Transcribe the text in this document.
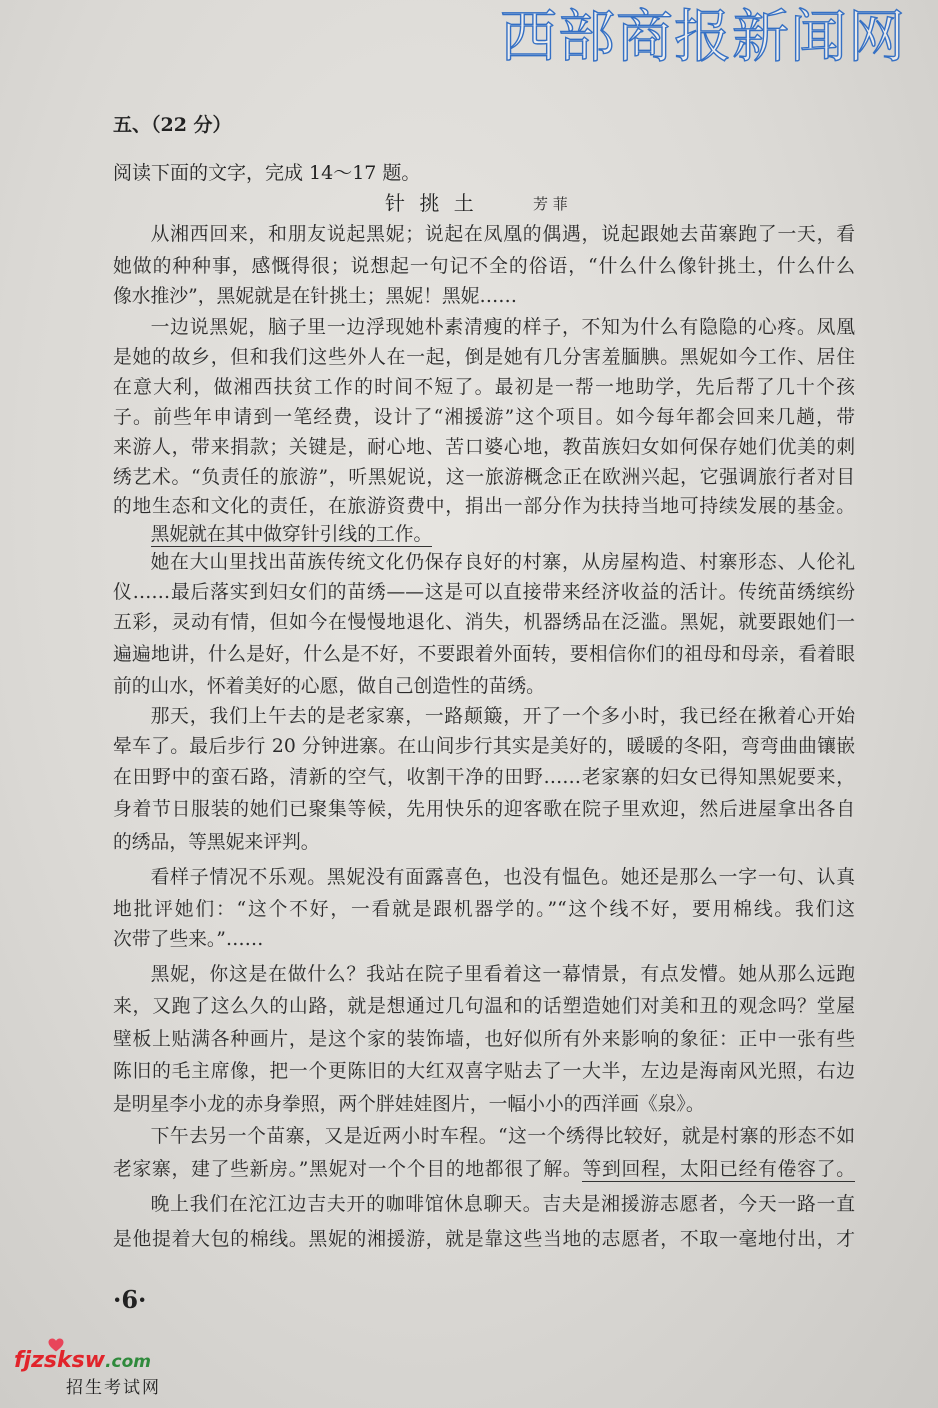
西部商报新闻网
五、（22 分）
阅读下面的文字，完成 14～17 题。
针 挑 土	芳 菲
从湘西回来，和朋友说起黑妮；说起在凤凰的偶遇，说起跟她去苗寨跑了一天，看
她做的种种事，感慨得很；说想起一句记不全的俗语，“什么什么像针挑土，什么什么
像水推沙”，黑妮就是在针挑土；黑妮！黑妮……
一边说黑妮，脑子里一边浮现她朴素清瘦的样子，不知为什么有隐隐的心疼。凤凰
是她的故乡，但和我们这些外人在一起，倒是她有几分害羞腼腆。黑妮如今工作、居住
在意大利，做湘西扶贫工作的时间不短了。最初是一帮一地助学，先后帮了几十个孩
子。前些年申请到一笔经费，设计了“湘援游”这个项目。如今每年都会回来几趟，带
来游人，带来捐款；关键是，耐心地、苦口婆心地，教苗族妇女如何保存她们优美的刺
绣艺术。“负责任的旅游”，听黑妮说，这一旅游概念正在欧洲兴起，它强调旅行者对目
的地生态和文化的责任，在旅游资费中，捐出一部分作为扶持当地可持续发展的基金。
黑妮就在其中做穿针引线的工作。
她在大山里找出苗族传统文化仍保存良好的村寨，从房屋构造、村寨形态、人伦礼
仪……最后落实到妇女们的苗绣——这是可以直接带来经济收益的活计。传统苗绣缤纷
五彩，灵动有情，但如今在慢慢地退化、消失，机器绣品在泛滥。黑妮，就要跟她们一
遍遍地讲，什么是好，什么是不好，不要跟着外面转，要相信你们的祖母和母亲，看着眼
前的山水，怀着美好的心愿，做自己创造性的苗绣。
那天，我们上午去的是老家寨，一路颠簸，开了一个多小时，我已经在揪着心开始
晕车了。最后步行 20 分钟进寨。在山间步行其实是美好的，暖暖的冬阳，弯弯曲曲镶嵌
在田野中的蛮石路，清新的空气，收割干净的田野……老家寨的妇女已得知黑妮要来，
身着节日服装的她们已聚集等候，先用快乐的迎客歌在院子里欢迎，然后进屋拿出各自
的绣品，等黑妮来评判。
看样子情况不乐观。黑妮没有面露喜色，也没有愠色。她还是那么一字一句、认真
地批评她们：“这个不好，一看就是跟机器学的。”“这个线不好，要用棉线。我们这
次带了些来。”……
黑妮，你这是在做什么？我站在院子里看着这一幕情景，有点发懵。她从那么远跑
来，又跑了这么久的山路，就是想通过几句温和的话塑造她们对美和丑的观念吗？堂屋
壁板上贴满各种画片，是这个家的装饰墙，也好似所有外来影响的象征：正中一张有些
陈旧的毛主席像，把一个更陈旧的大红双喜字贴去了一大半，左边是海南风光照，右边
是明星李小龙的赤身拳照，两个胖娃娃图片，一幅小小的西洋画《泉》。
下午去另一个苗寨，又是近两小时车程。“这一个绣得比较好，就是村寨的形态不如
老家寨，建了些新房。”黑妮对一个个目的地都很了解。等到回程，太阳已经有倦容了。
晚上我们在沱江边吉夫开的咖啡馆休息聊天。吉夫是湘援游志愿者，今天一路一直
是他提着大包的棉线。黑妮的湘援游，就是靠这些当地的志愿者，不取一毫地付出，才
·6·
fjzsksw.com
招生考试网
